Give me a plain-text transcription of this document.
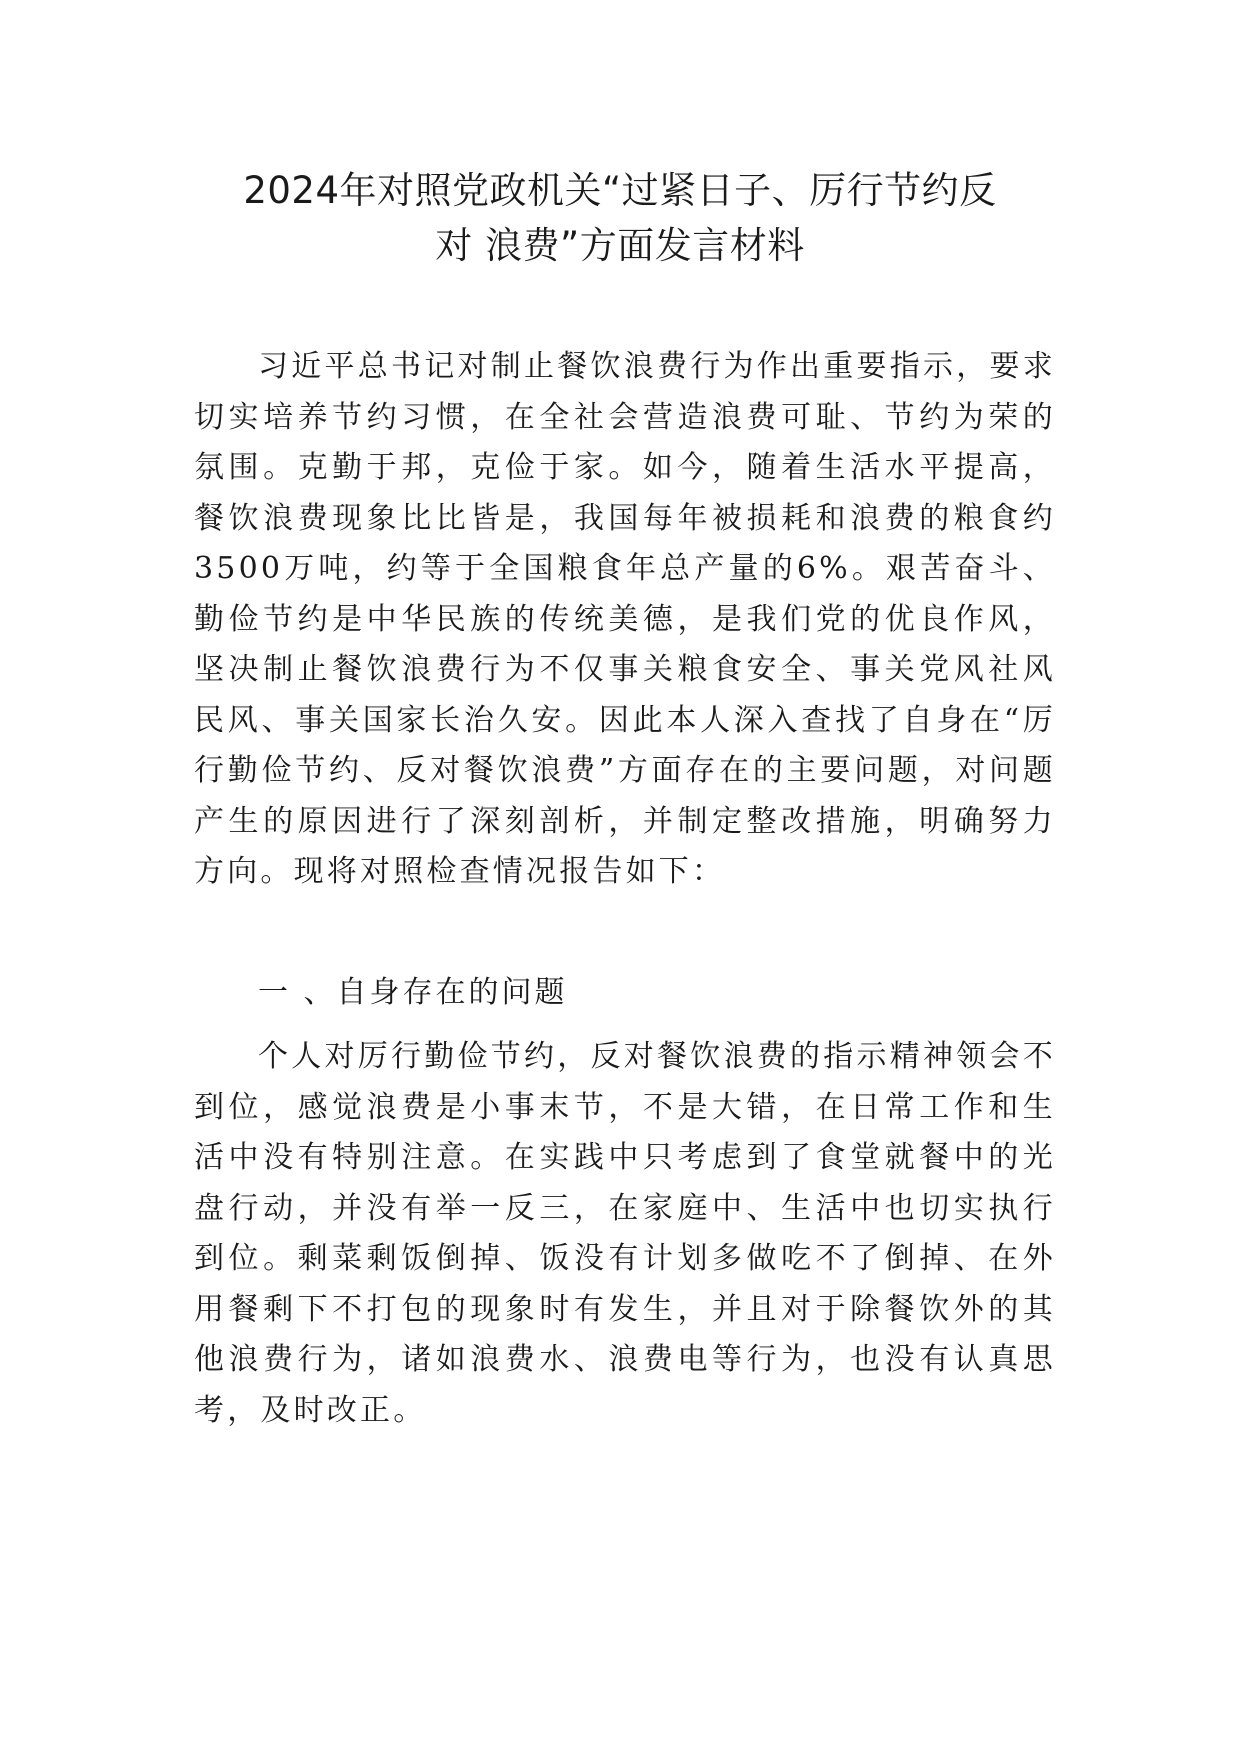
2024年对照党政机关“过紧日子、厉行节约反
对 浪费”方面发言材料

习近平总书记对制止餐饮浪费行为作出重要指示，要求切实培养节约习惯，在全社会营造浪费可耻、节约为荣的氛围。克勤于邦，克俭于家。如今，随着生活水平提高，餐饮浪费现象比比皆是，我国每年被损耗和浪费的粮食约3500万吨，约等于全国粮食年总产量的6%。艰苦奋斗、勤俭节约是中华民族的传统美德，是我们党的优良作风，坚决制止餐饮浪费行为不仅事关粮食安全、事关党风社风民风、事关国家长治久安。因此本人深入查找了自身在“厉行勤俭节约、反对餐饮浪费”方面存在的主要问题，对问题产生的原因进行了深刻剖析，并制定整改措施，明确努力方向。现将对照检查情况报告如下：

一 、自身存在的问题

个人对厉行勤俭节约，反对餐饮浪费的指示精神领会不到位，感觉浪费是小事末节，不是大错，在日常工作和生活中没有特别注意。在实践中只考虑到了食堂就餐中的光盘行动，并没有举一反三，在家庭中、生活中也切实执行到位。剩菜剩饭倒掉、饭没有计划多做吃不了倒掉、在外用餐剩下不打包的现象时有发生，并且对于除餐饮外的其他浪费行为，诸如浪费水、浪费电等行为，也没有认真思考，及时改正。
